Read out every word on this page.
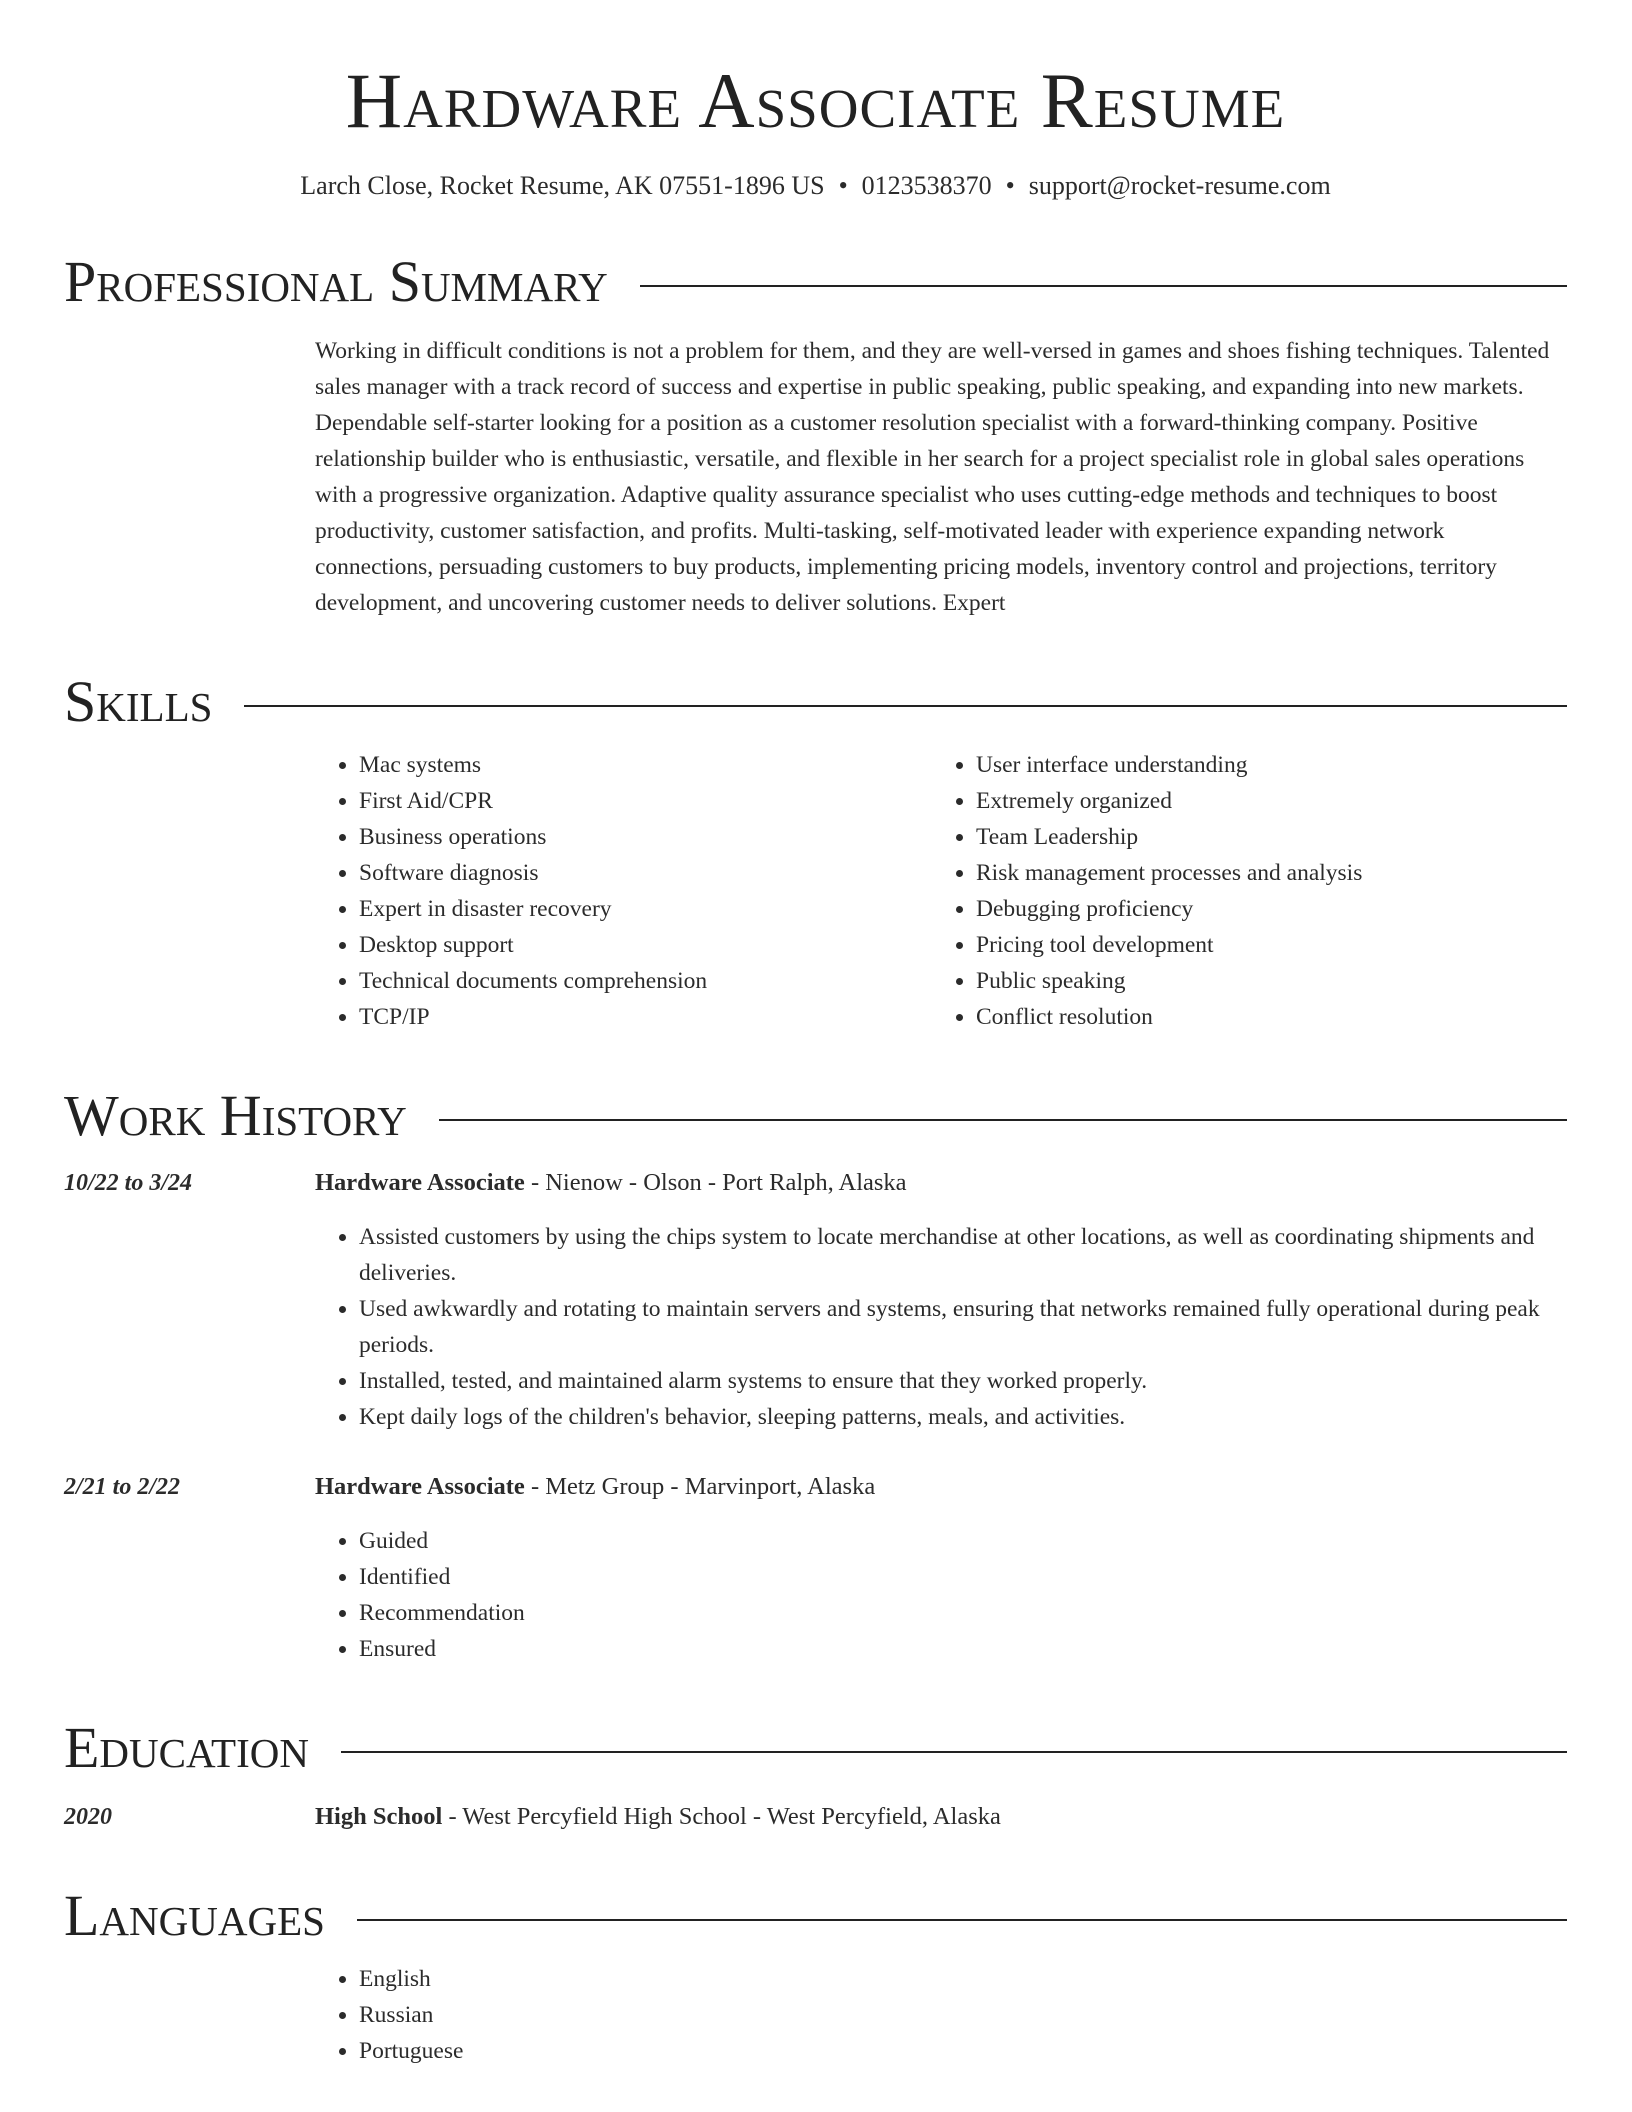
Hardware Associate Resume
Larch Close, Rocket Resume, AK 07551-1896 US • 0123538370 • support@rocket-resume.com
Professional Summary
Working in difficult conditions is not a problem for them, and they are well-versed in games and shoes fishing techniques. Talented sales manager with a track record of success and expertise in public speaking, public speaking, and expanding into new markets. Dependable self-starter looking for a position as a customer resolution specialist with a forward-thinking company. Positive relationship builder who is enthusiastic, versatile, and flexible in her search for a project specialist role in global sales operations with a progressive organization. Adaptive quality assurance specialist who uses cutting-edge methods and techniques to boost productivity, customer satisfaction, and profits. Multi-tasking, self-motivated leader with experience expanding network connections, persuading customers to buy products, implementing pricing models, inventory control and projections, territory development, and uncovering customer needs to deliver solutions. Expert
Skills
• Mac systems
• First Aid/CPR
• Business operations
• Software diagnosis
• Expert in disaster recovery
• Desktop support
• Technical documents comprehension
• TCP/IP
• User interface understanding
• Extremely organized
• Team Leadership
• Risk management processes and analysis
• Debugging proficiency
• Pricing tool development
• Public speaking
• Conflict resolution
Work History
10/22 to 3/24	Hardware Associate - Nienow - Olson - Port Ralph, Alaska
• Assisted customers by using the chips system to locate merchandise at other locations, as well as coordinating shipments and deliveries.
• Used awkwardly and rotating to maintain servers and systems, ensuring that networks remained fully operational during peak periods.
• Installed, tested, and maintained alarm systems to ensure that they worked properly.
• Kept daily logs of the children's behavior, sleeping patterns, meals, and activities.
2/21 to 2/22	Hardware Associate - Metz Group - Marvinport, Alaska
• Guided
• Identified
• Recommendation
• Ensured
Education
2020	High School - West Percyfield High School - West Percyfield, Alaska
Languages
• English
• Russian
• Portuguese
